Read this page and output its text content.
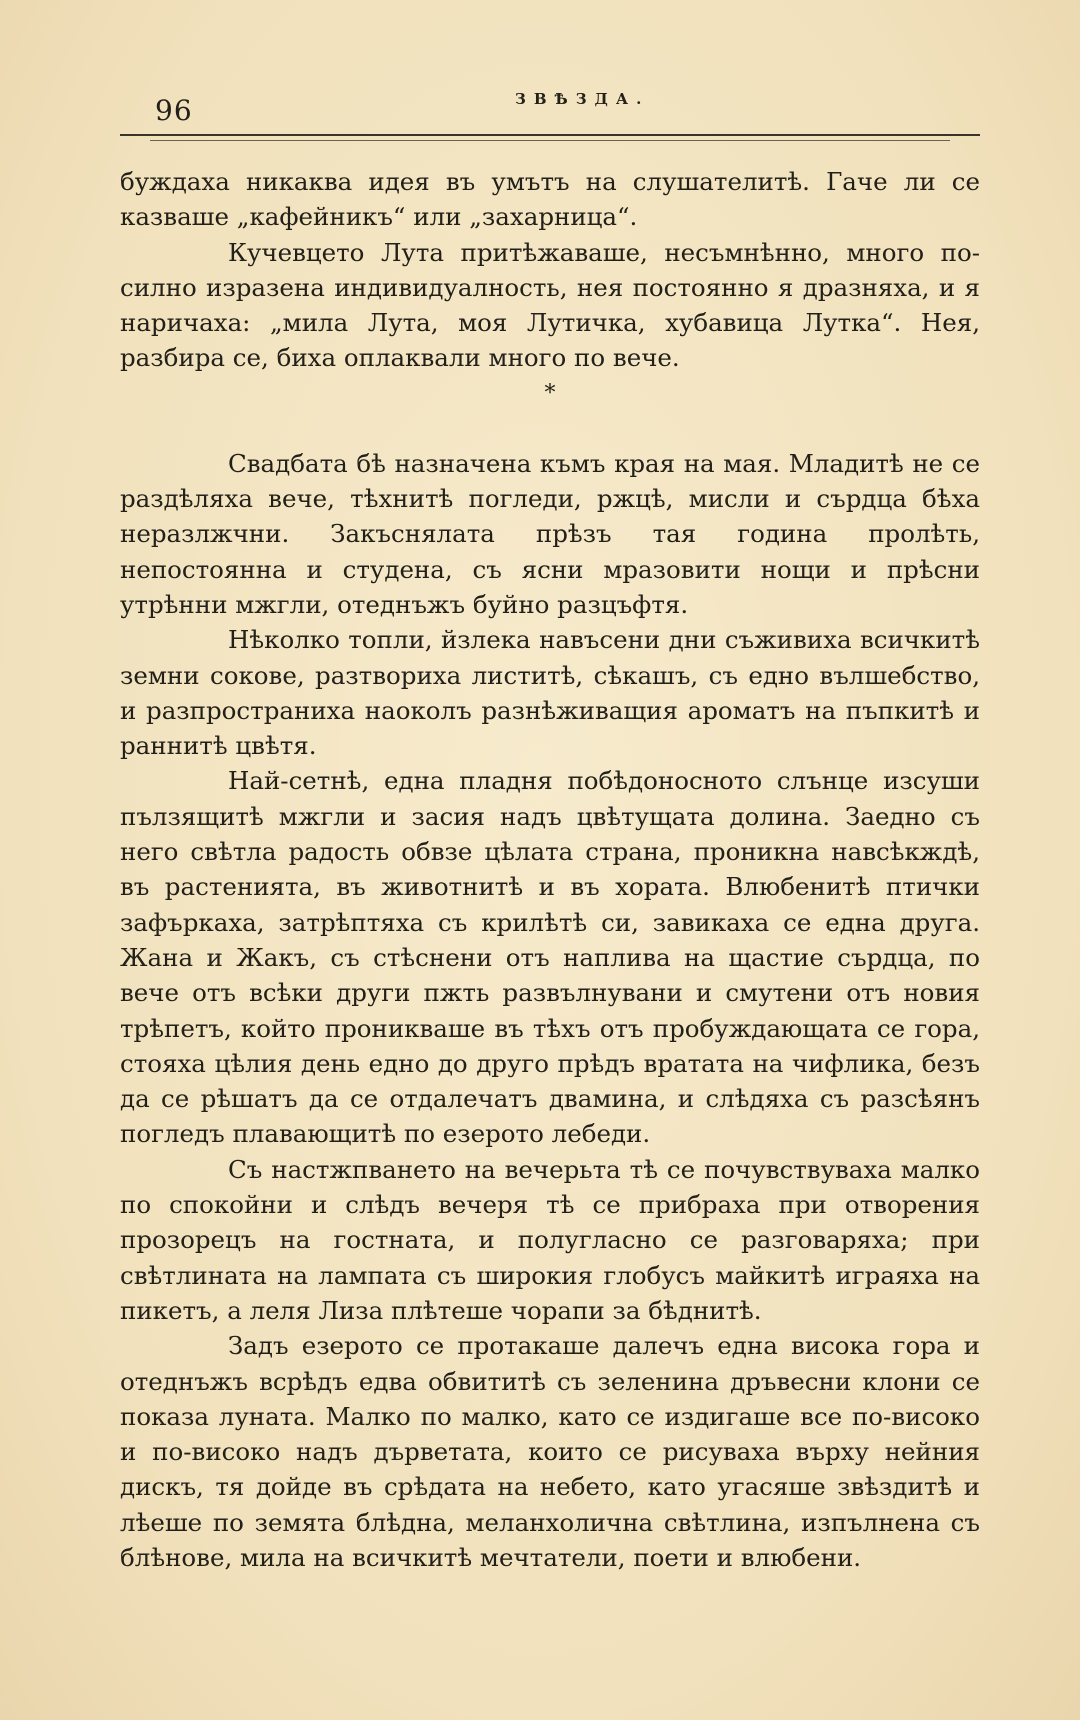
96	ЗВѢЗДА.

буждаха никаква идея въ умътъ на слушателитѣ. Гаче ли се казваше „кафейникъ“ или „захарница“.

Кучевцето Лута притѣжаваше, несъмнѣнно, много по-силно изразена индивидуалность, нея постоянно я дразняха, и я наричаха: „мила Лута, моя Лутичка, хубавица Лутка“. Нея, разбира се, биха оплаквали много по вече.

*

Свадбата бѣ назначена къмъ края на мая. Младитѣ не се раздѣляха вече, тѣхнитѣ погледи, ржцѣ, мисли и сърдца бѣха неразлжчни. Закъснялата прѣзъ тая година пролѣть, непостоянна и студена, съ ясни мразовити нощи и прѣсни утрѣнни мжгли, отеднъжъ буйно разцъфтя.

Нѣколко топли, йзлека навъсени дни съживиха всичкитѣ земни сокове, разтвориха листитѣ, сѣкашъ, съ едно вълшебство, и разпространиха наоколъ разнѣживащия ароматъ на пъпкитѣ и раннитѣ цвѣтя.

Най-сетнѣ, една пладня побѣдоносното слънце изсуши пълзящитѣ мжгли и засия надъ цвѣтущата долина. Заедно съ него свѣтла радость обвзе цѣлата страна, проникна навсѣкждѣ, въ растенията, въ животнитѣ и въ хората. Влюбенитѣ птички зафъркаха, затрѣптяха съ крилѣтѣ си, завикаха се една друга. Жана и Жакъ, съ стѣснени отъ наплива на щастие сърдца, по вече отъ всѣки други пжть развълнувани и смутени отъ новия трѣпетъ, който проникваше въ тѣхъ отъ пробуждающата се гора, стояха цѣлия день едно до друго прѣдъ вратата на чифлика, безъ да се рѣшатъ да се отдалечатъ двамина, и слѣдяха съ разсѣянъ погледъ плавающитѣ по езерото лебеди.

Съ настжпването на вечерьта тѣ се почувствуваха малко по спокойни и слѣдъ вечеря тѣ се прибраха при отворения прозорецъ на гостната, и полугласно се разговаряха; при свѣтлината на лампата съ широкия глобусъ майкитѣ играяха на пикетъ, а леля Лиза плѣтеше чорапи за бѣднитѣ.

Задъ езерото се протакаше далечъ една висока гора и отеднъжъ всрѣдъ едва обвититѣ съ зеленина дръвесни клони се показа луната. Малко по малко, като се издигаше все по-високо и по-високо надъ дърветата, които се рисуваха върху нейния дискъ, тя дойде въ срѣдата на небето, като угасяше звѣздитѣ и лѣеше по земята блѣдна, меланхолична свѣтлина, изпълнена съ блѣнове, мила на всичкитѣ мечтатели, поети и влюбени.
